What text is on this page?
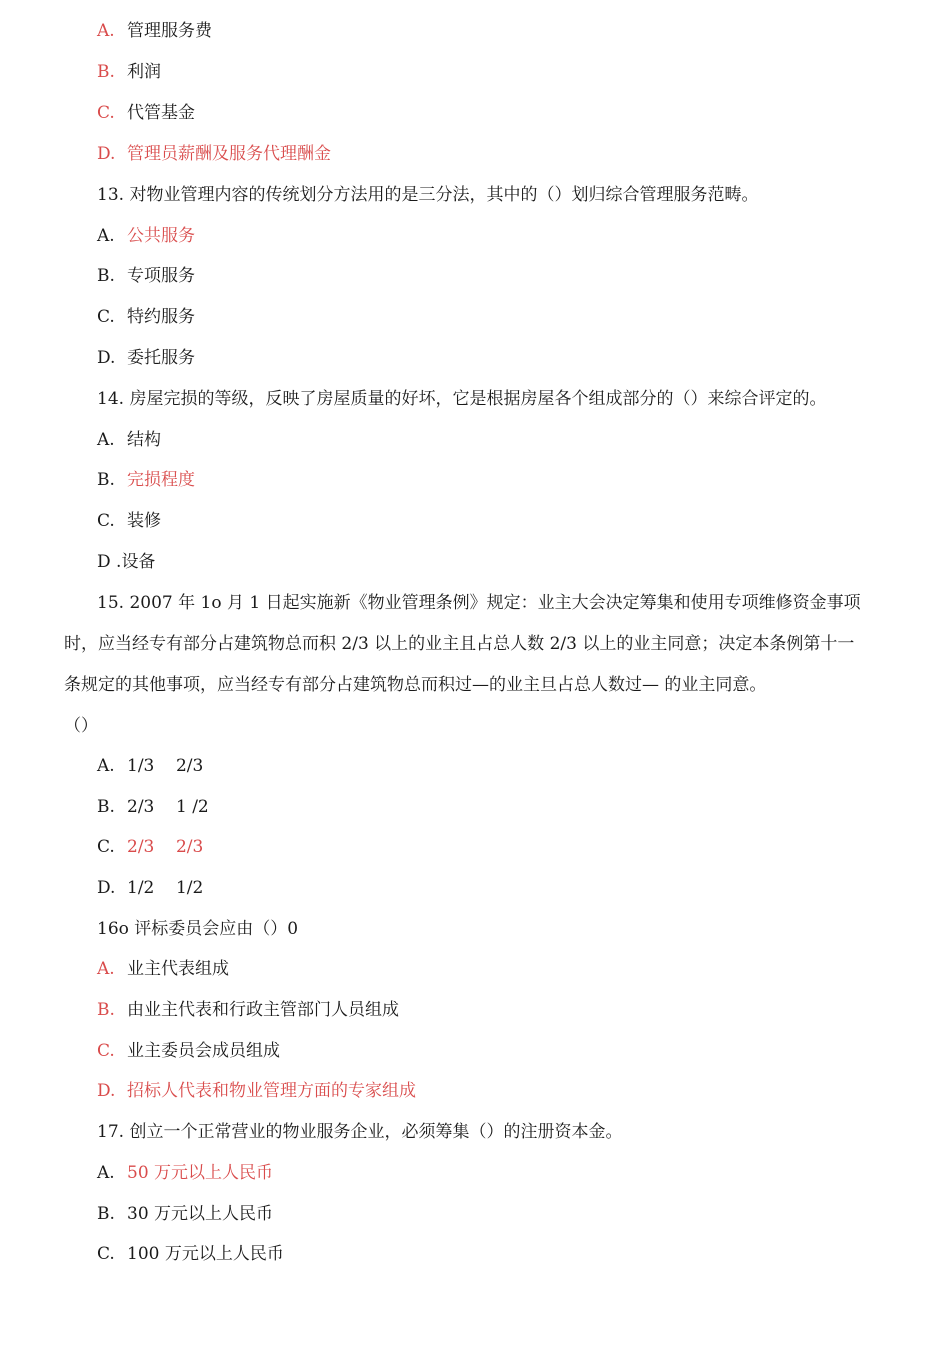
A. 管理服务费
B. 利润
C. 代管基金
D. 管理员薪酬及服务代理酬金
13. 对物业管理内容的传统划分方法用的是三分法，其中的（）划归综合管理服务范畴。
A. 公共服务
B. 专项服务
C. 特约服务
D. 委托服务
14. 房屋完损的等级，反映了房屋质量的好坏，它是根据房屋各个组成部分的（）来综合评定的。
A. 结构
B. 完损程度
C. 装修
D .设备
15. 2007 年 1o 月 1 日起实施新《物业管理条例》规定：业主大会决定筹集和使用专项维修资金事项
时，应当经专有部分占建筑物总而积 2/3 以上的业主且占总人数 2/3 以上的业主同意；决定本条例第十一
条规定的其他事项，应当经专有部分占建筑物总而积过—的业主旦占总人数过— 的业主同意。
（）
A. 1/3    2/3
B. 2/3    1 /2
C. 2/3    2/3
D. 1/2    1/2
16o 评标委员会应由（）0
A. 业主代表组成
B. 由业主代表和行政主管部门人员组成
C. 业主委员会成员组成
D. 招标人代表和物业管理方面的专家组成
17. 创立一个正常营业的物业服务企业，必须筹集（）的注册资本金。
A. 50 万元以上人民币
B. 30 万元以上人民币
C. 100 万元以上人民币
